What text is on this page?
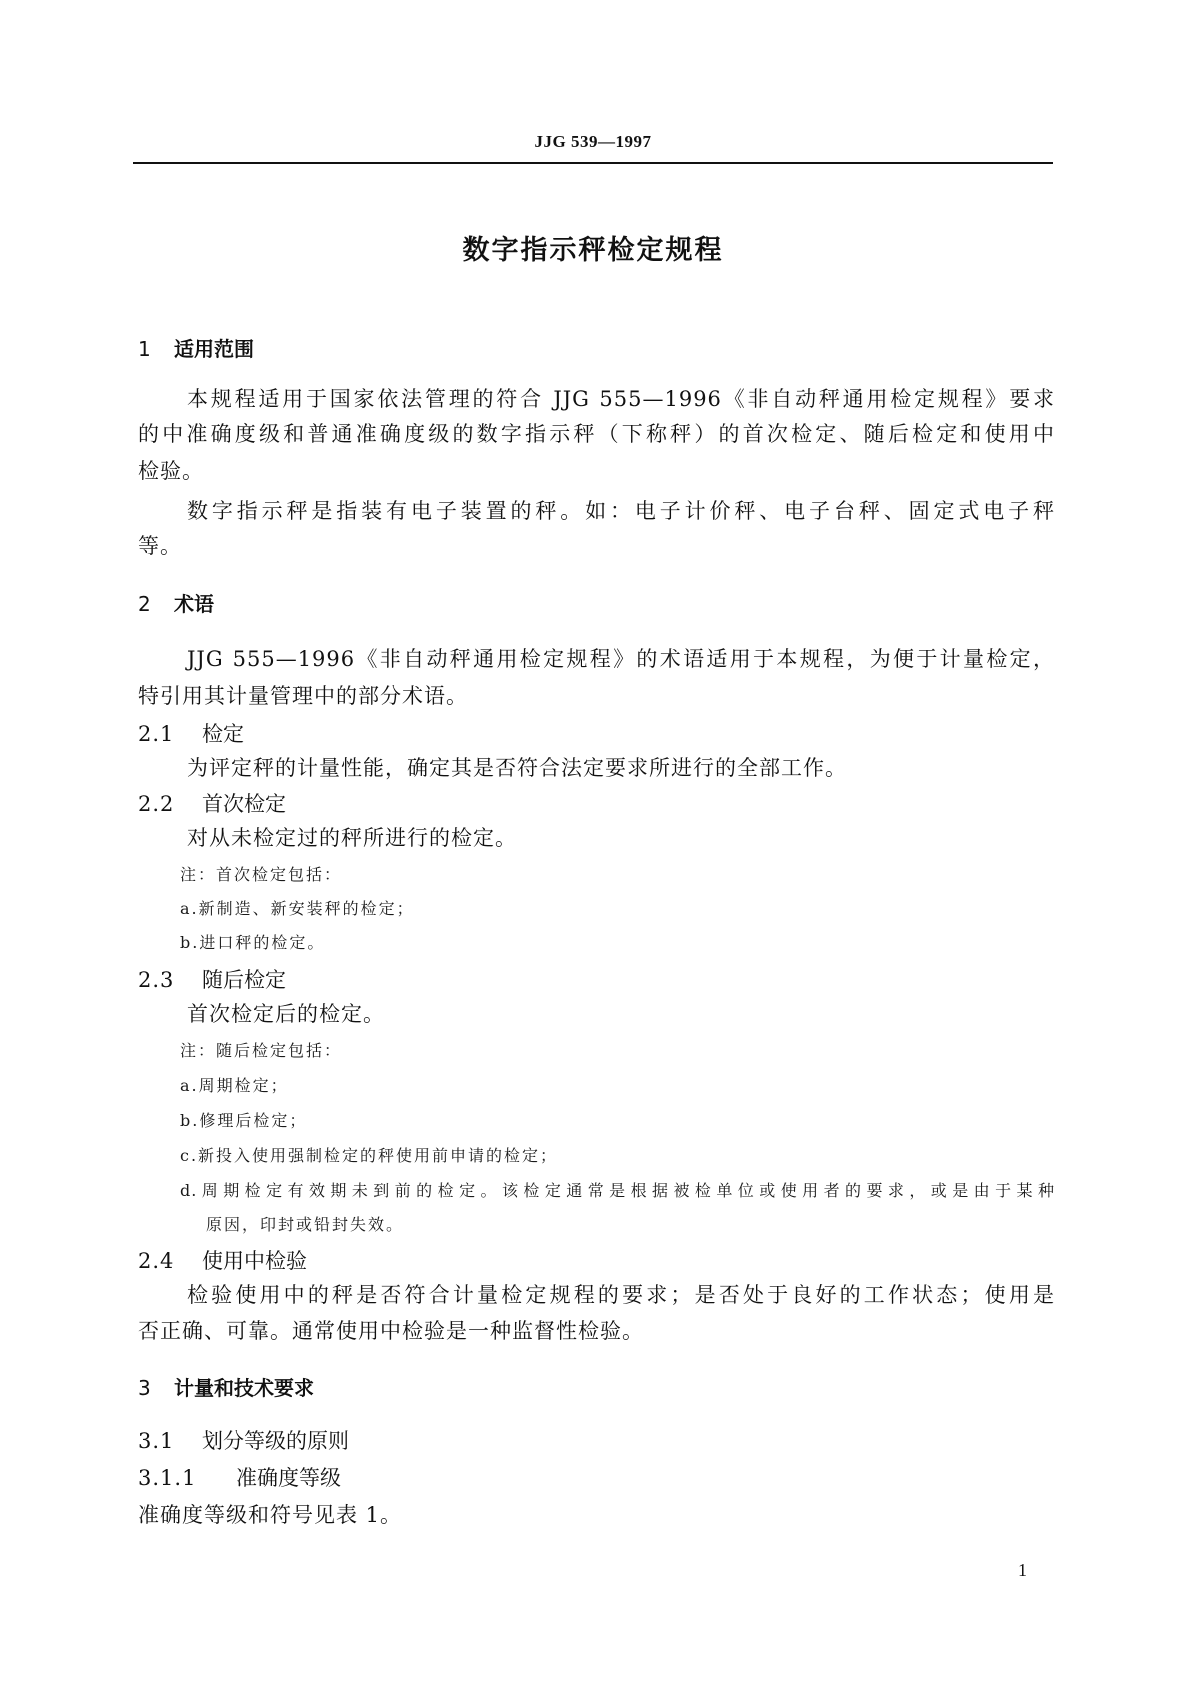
JJG 539—1997
数字指示秤检定规程
1 适用范围
本规程适用于国家依法管理的符合 JJG 555—1996《非自动秤通用检定规程》要求
的中准确度级和普通准确度级的数字指示秤（下称秤）的首次检定、随后检定和使用中
检验。
数字指示秤是指装有电子装置的秤。如：电子计价秤、电子台秤、固定式电子秤
等。
2 术语
JJG 555—1996《非自动秤通用检定规程》的术语适用于本规程，为便于计量检定，
特引用其计量管理中的部分术语。
2.1 检定
为评定秤的计量性能，确定其是否符合法定要求所进行的全部工作。
2.2 首次检定
对从未检定过的秤所进行的检定。
注：首次检定包括：
a.新制造、新安装秤的检定；
b.进口秤的检定。
2.3 随后检定
首次检定后的检定。
注：随后检定包括：
a.周期检定；
b.修理后检定；
c.新投入使用强制检定的秤使用前申请的检定；
d.周期检定有效期未到前的检定。该检定通常是根据被检单位或使用者的要求，或是由于某种
原因，印封或铅封失效。
2.4 使用中检验
检验使用中的秤是否符合计量检定规程的要求；是否处于良好的工作状态；使用是
否正确、可靠。通常使用中检验是一种监督性检验。
3 计量和技术要求
3.1 划分等级的原则
3.1.1 准确度等级
准确度等级和符号见表 1。
1
